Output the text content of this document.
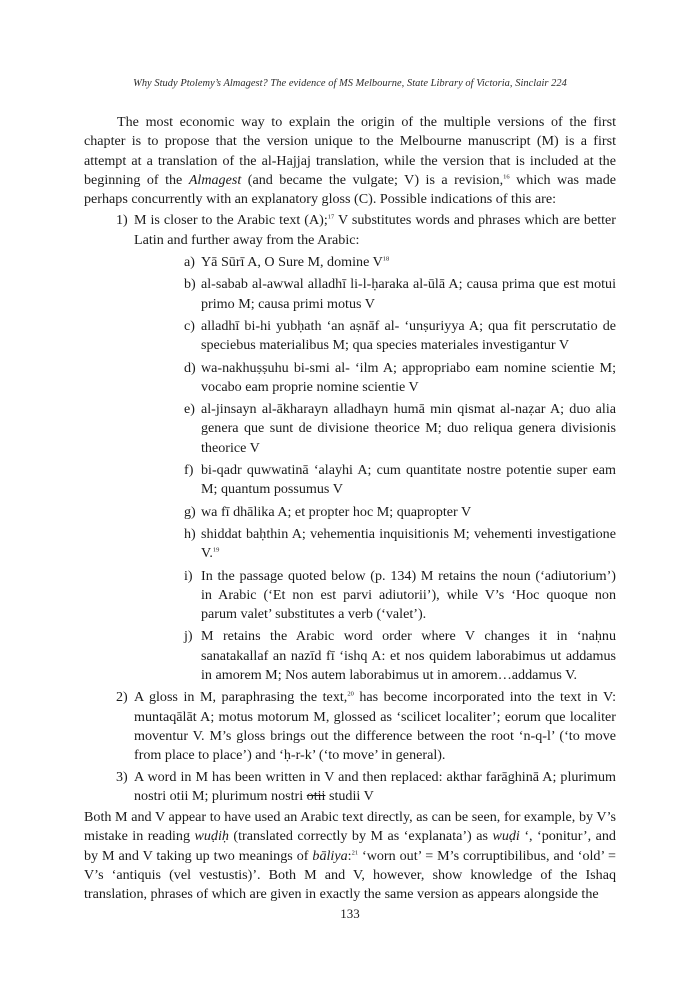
Why Study Ptolemy’s Almagest? The evidence of MS Melbourne, State Library of Victoria, Sinclair 224

The most economic way to explain the origin of the multiple versions of the first chapter is to propose that the version unique to the Melbourne manuscript (M) is a first attempt at a translation of the al-Hajjaj translation, while the version that is included at the beginning of the Almagest (and became the vulgate; V) is a revision,$^{16}$ which was made perhaps concurrently with an explanatory gloss (C). Possible indications of this are:

1) M is closer to the Arabic text (A);$^{17}$ V substitutes words and phrases which are better Latin and further away from the Arabic:

a) Yā Sūrī A, O Sure M, domine $V^{18}$

b) al-sabab al-awwal alladhī li-l-ḥaraka al-ūlā A; causa prima que est motui primo M; causa primi motus V

c) alladhī bi-hi yubḥath ‘an aṣnāf al- ‘unṣuriyya A; qua fit perscrutatio de speciebus materialibus M; qua species materiales investigantur V

d) wa-nakhuṣṣuhu bi-smi al- ‘ilm A; appropriabo eam nomine scientie M; vocabo eam proprie nomine scientie V

e) al-jinsayn al-ākharayn alladhayn humā min qismat al-naẓar A; duo alia genera que sunt de divisione theorice M; duo reliqua genera divisionis theorice V

f) bi-qadr quwwatinā ‘alayhi A; cum quantitate nostre potentie super eam M; quantum possumus V

g) wa fī dhālika A; et propter hoc M; quapropter V

h) shiddat baḥthin A; vehementia inquisitionis M; vehementi investigatione V.$^{19}$

i) In the passage quoted below (p. 134) M retains the noun (‘adiutorium’) in Arabic (‘Et non est parvi adiutorii’), while V’s ‘Hoc quoque non parum valet’ substitutes a verb (‘valet’).

j) M retains the Arabic word order where V changes it in ‘naḥnu sanatakallaf an nazīd fī ‘ishq A: et nos quidem laborabimus ut addamus in amorem M; Nos autem laborabimus ut in amorem…addamus V.

2) A gloss in M, paraphrasing the text,$^{20}$ has become incorporated into the text in V: muntaqālāt A; motus motorum M, glossed as ‘scilicet localiter’; eorum que localiter moventur V. M’s gloss brings out the difference between the root ‘n-q-l’ (‘to move from place to place’) and ‘ḥ-r-k’ (‘to move’ in general).

3) A word in M has been written in V and then replaced: akthar farāghinā A; plurimum nostri otii M; plurimum nostri otii studii V

Both M and V appear to have used an Arabic text directly, as can be seen, for example, by V’s mistake in reading wuḍiḥ (translated correctly by M as ‘explanata’) as wuḍi ‘, ‘ponitur’, and by M and V taking up two meanings of bāliya:$^{21}$ ‘worn out’ = M’s corruptibilibus, and ‘old’ = V’s ‘antiquis (vel vestustis)’. Both M and V, however, show knowledge of the Ishaq translation, phrases of which are given in exactly the same version as appears alongside the

133
